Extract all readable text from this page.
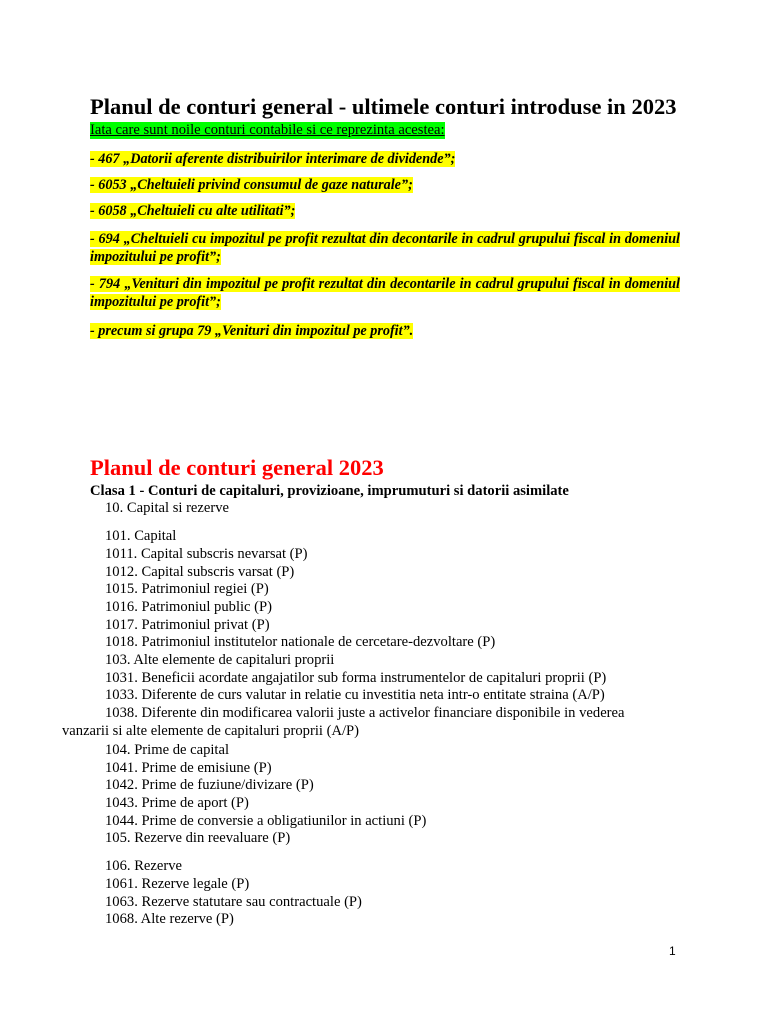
Planul de conturi general - ultimele conturi introduse in 2023
Iata care sunt noile conturi contabile si ce reprezinta acestea:
- 467 „Datorii aferente distribuirilor interimare de dividende”;
- 6053 „Cheltuieli privind consumul de gaze naturale”;
- 6058 „Cheltuieli cu alte utilitati”;
- 694 „Cheltuieli cu impozitul pe profit rezultat din decontarile in cadrul grupului fiscal in domeniul impozitului pe profit”;
- 794 „Venituri din impozitul pe profit rezultat din decontarile in cadrul grupului fiscal in domeniul impozitului pe profit”;
- precum si grupa 79 „Venituri din impozitul pe profit”.
Planul de conturi general 2023
Clasa 1 - Conturi de capitaluri, provizioane, imprumuturi si datorii asimilate
10. Capital si rezerve
101. Capital
1011. Capital subscris nevarsat (P)
1012. Capital subscris varsat (P)
1015. Patrimoniul regiei (P)
1016. Patrimoniul public (P)
1017. Patrimoniul privat (P)
1018. Patrimoniul institutelor nationale de cercetare-dezvoltare (P)
103. Alte elemente de capitaluri proprii
1031. Beneficii acordate angajatilor sub forma instrumentelor de capitaluri proprii (P)
1033. Diferente de curs valutar in relatie cu investitia neta intr-o entitate straina (A/P)
1038. Diferente din modificarea valorii juste a activelor financiare disponibile in vederea vanzarii si alte elemente de capitaluri proprii (A/P)
104. Prime de capital
1041. Prime de emisiune (P)
1042. Prime de fuziune/divizare (P)
1043. Prime de aport (P)
1044. Prime de conversie a obligatiunilor in actiuni (P)
105. Rezerve din reevaluare (P)
106. Rezerve
1061. Rezerve legale (P)
1063. Rezerve statutare sau contractuale (P)
1068. Alte rezerve (P)
1
